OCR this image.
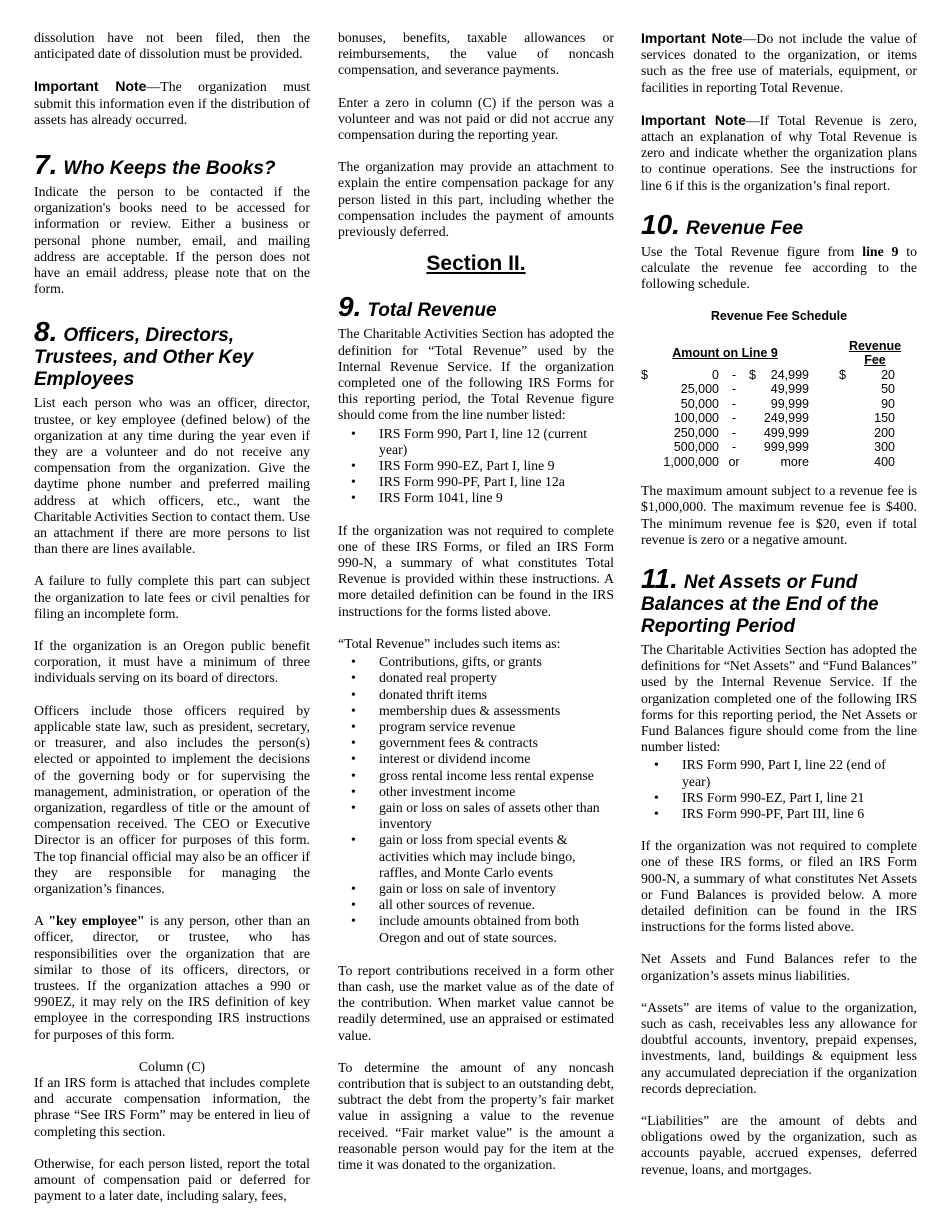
dissolution have not been filed, then the anticipated date of dissolution must be provided.

Important Note—The organization must submit this information even if the distribution of assets has already occurred.

7. Who Keeps the Books?

Indicate the person to be contacted if the organization's books need to be accessed for information or review. Either a business or personal phone number, email, and mailing address are acceptable. If the person does not have an email address, please note that on the form.

8. Officers, Directors, Trustees, and Other Key Employees

List each person who was an officer, director, trustee, or key employee (defined below) of the organization at any time during the year even if they are a volunteer and do not receive any compensation from the organization. Give the daytime phone number and preferred mailing address at which officers, etc., want the Charitable Activities Section to contact them. Use an attachment if there are more persons to list than there are lines available.

A failure to fully complete this part can subject the organization to late fees or civil penalties for filing an incomplete form.

If the organization is an Oregon public benefit corporation, it must have a minimum of three individuals serving on its board of directors.

Officers include those officers required by applicable state law, such as president, secretary, or treasurer, and also includes the person(s) elected or appointed to implement the decisions of the governing body or for supervising the management, administration, or operation of the organization, regardless of title or the amount of compensation received. The CEO or Executive Director is an officer for purposes of this form. The top financial official may also be an officer if they are responsible for managing the organization’s finances.

A "key employee" is any person, other than an officer, director, or trustee, who has responsibilities over the organization that are similar to those of its officers, directors, or trustees. If the organization attaches a 990 or 990EZ, it may rely on the IRS definition of key employee in the corresponding IRS instructions for purposes of this form.

Column (C)

If an IRS form is attached that includes complete and accurate compensation information, the phrase “See IRS Form” may be entered in lieu of completing this section.

Otherwise, for each person listed, report the total amount of compensation paid or deferred for payment to a later date, including salary, fees,

bonuses, benefits, taxable allowances or reimbursements, the value of noncash compensation, and severance payments.

Enter a zero in column (C) if the person was a volunteer and was not paid or did not accrue any compensation during the reporting year.

The organization may provide an attachment to explain the entire compensation package for any person listed in this part, including whether the compensation includes the payment of amounts previously deferred.

Section II.
9. Total Revenue

The Charitable Activities Section has adopted the definition for “Total Revenue” used by the Internal Revenue Service. If the organization completed one of the following IRS Forms for this reporting period, the Total Revenue figure should come from the line number listed:

• IRS Form 990, Part I, line 12 (current year)
• IRS Form 990-EZ, Part I, line 9
• IRS Form 990-PF, Part I, line 12a
• IRS Form 1041, line 9

If the organization was not required to complete one of these IRS Forms, or filed an IRS Form 990-N, a summary of what constitutes Total Revenue is provided within these instructions. A more detailed definition can be found in the IRS instructions for the forms listed above.

“Total Revenue” includes such items as:

• Contributions, gifts, or grants
• donated real property
• donated thrift items
• membership dues & assessments
• program service revenue
• government fees & contracts
• interest or dividend income
• gross rental income less rental expense
• other investment income
• gain or loss on sales of assets other than inventory
• gain or loss from special events & activities which may include bingo, raffles, and Monte Carlo events
• gain or loss on sale of inventory
• all other sources of revenue.
• include amounts obtained from both Oregon and out of state sources.

To report contributions received in a form other than cash, use the market value as of the date of the contribution. When market value cannot be readily determined, use an appraised or estimated value.

To determine the amount of any noncash contribution that is subject to an outstanding debt, subtract the debt from the property’s fair market value in assigning a value to the revenue received. “Fair market value” is the amount a reasonable person would pay for the item at the time it was donated to the organization.

Important Note—Do not include the value of services donated to the organization, or items such as the free use of materials, equipment, or facilities in reporting Total Revenue.

Important Note—If Total Revenue is zero, attach an explanation of why Total Revenue is zero and indicate whether the organization plans to continue operations. See the instructions for line 6 if this is the organization’s final report.

10. Revenue Fee

Use the Total Revenue figure from line 9 to calculate the revenue fee according to the following schedule.

Revenue Fee Schedule
Amount on Line 9						Revenue Fee	
$	0	-	$	24,999		$	20
	25,000	-		49,999			50
	50,000	-		99,999			90
	100,000	-		249,999			150
	250,000	-		499,999			200
	500,000	-		999,999			300
	1,000,000	or		more			400

The maximum amount subject to a revenue fee is $1,000,000. The maximum revenue fee is $400. The minimum revenue fee is $20, even if total revenue is zero or a negative amount.

11. Net Assets or Fund Balances at the End of the Reporting Period

The Charitable Activities Section has adopted the definitions for “Net Assets” and “Fund Balances” used by the Internal Revenue Service. If the organization completed one of the following IRS forms for this reporting period, the Net Assets or Fund Balances figure should come from the line number listed:

• IRS Form 990, Part I, line 22 (end of year)
• IRS Form 990-EZ, Part I, line 21
• IRS Form 990-PF, Part III, line 6

If the organization was not required to complete one of these IRS forms, or filed an IRS Form 900-N, a summary of what constitutes Net Assets or Fund Balances is provided below. A more detailed definition can be found in the IRS instructions for the forms listed above.

Net Assets and Fund Balances refer to the organization’s assets minus liabilities.

“Assets” are items of value to the organization, such as cash, receivables less any allowance for doubtful accounts, inventory, prepaid expenses, investments, land, buildings & equipment less any accumulated depreciation if the organization records depreciation.

“Liabilities” are the amount of debts and obligations owed by the organization, such as accounts payable, accrued expenses, deferred revenue, loans, and mortgages.
